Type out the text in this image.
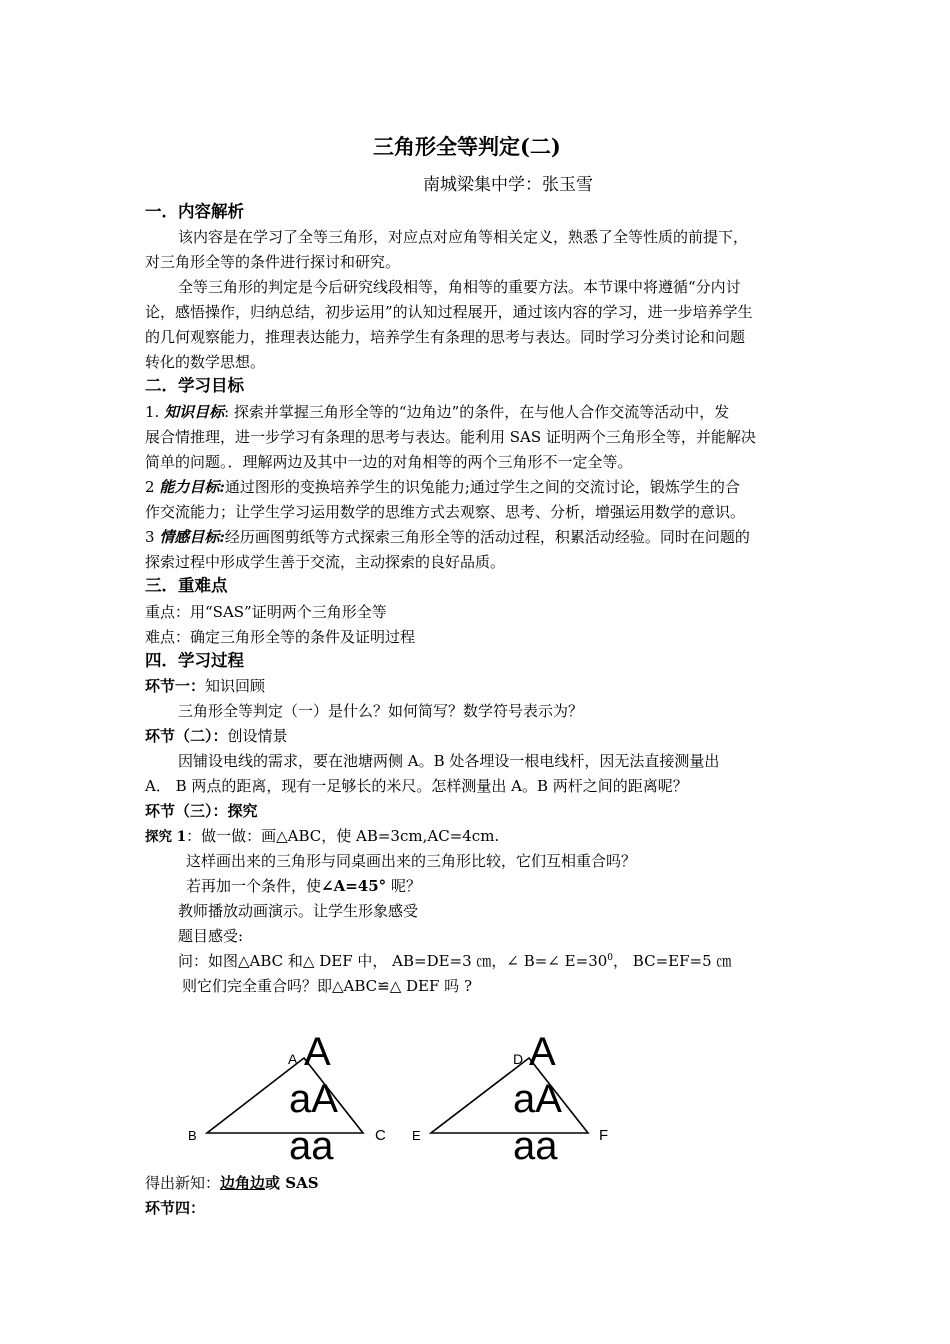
三角形全等判定(二)
南城梁集中学：张玉雪
一．内容解析
该内容是在学习了全等三角形，对应点对应角等相关定义，熟悉了全等性质的前提下，
对三角形全等的条件进行探讨和研究。
全等三角形的判定是今后研究线段相等，角相等的重要方法。本节课中将遵循“分内讨
论，感悟操作，归纳总结，初步运用”的认知过程展开，通过该内容的学习，进一步培养学生
的几何观察能力，推理表达能力，培养学生有条理的思考与表达。同时学习分类讨论和问题
转化的数学思想。
二．学习目标
1. 知识目标: 探索并掌握三角形全等的“边角边”的条件，在与他人合作交流等活动中，发
展合情推理，进一步学习有条理的思考与表达。能利用 SAS 证明两个三角形全等，并能解决
简单的问题。．理解两边及其中一边的对角相等的两个三角形不一定全等。
2 能力目标:通过图形的变换培养学生的识兔能力;通过学生之间的交流讨论，锻炼学生的合
作交流能力；让学生学习运用数学的思维方式去观察、思考、分析，增强运用数学的意识。
3 情感目标:经历画图剪纸等方式探索三角形全等的活动过程，积累活动经验。同时在问题的
探索过程中形成学生善于交流，主动探索的良好品质。
三．重难点
重点：用“SAS”证明两个三角形全等
难点：确定三角形全等的条件及证明过程
四．学习过程
环节一：知识回顾
三角形全等判定（一）是什么？如何简写？数学符号表示为？
环节（二）：创设情景
因铺设电线的需求，要在池塘两侧 A。B 处各埋设一根电线杆，因无法直接测量出
A． B 两点的距离，现有一足够长的米尺。怎样测量出 A。B 两杆之间的距离呢？
环节（三）：探究
探究 1：做一做：画△ABC，使 AB=3cm,AC=4cm.
这样画出来的三角形与同桌画出来的三角形比较，它们互相重合吗？
若再加一个条件，使∠A=45° 呢？
教师播放动画演示。让学生形象感受
题目感受:
问：如图△ABC 和△ DEF 中， AB=DE=3 ㎝，∠ B=∠ $E=30^0$， BC=EF=5 ㎝
则它们完全重合吗？即△ABC≌△ DEF 吗 ?
A
B	C
D
E	F
A
aA
aa
A
aA
aa
得出新知：边角边或 SAS
环节四：
